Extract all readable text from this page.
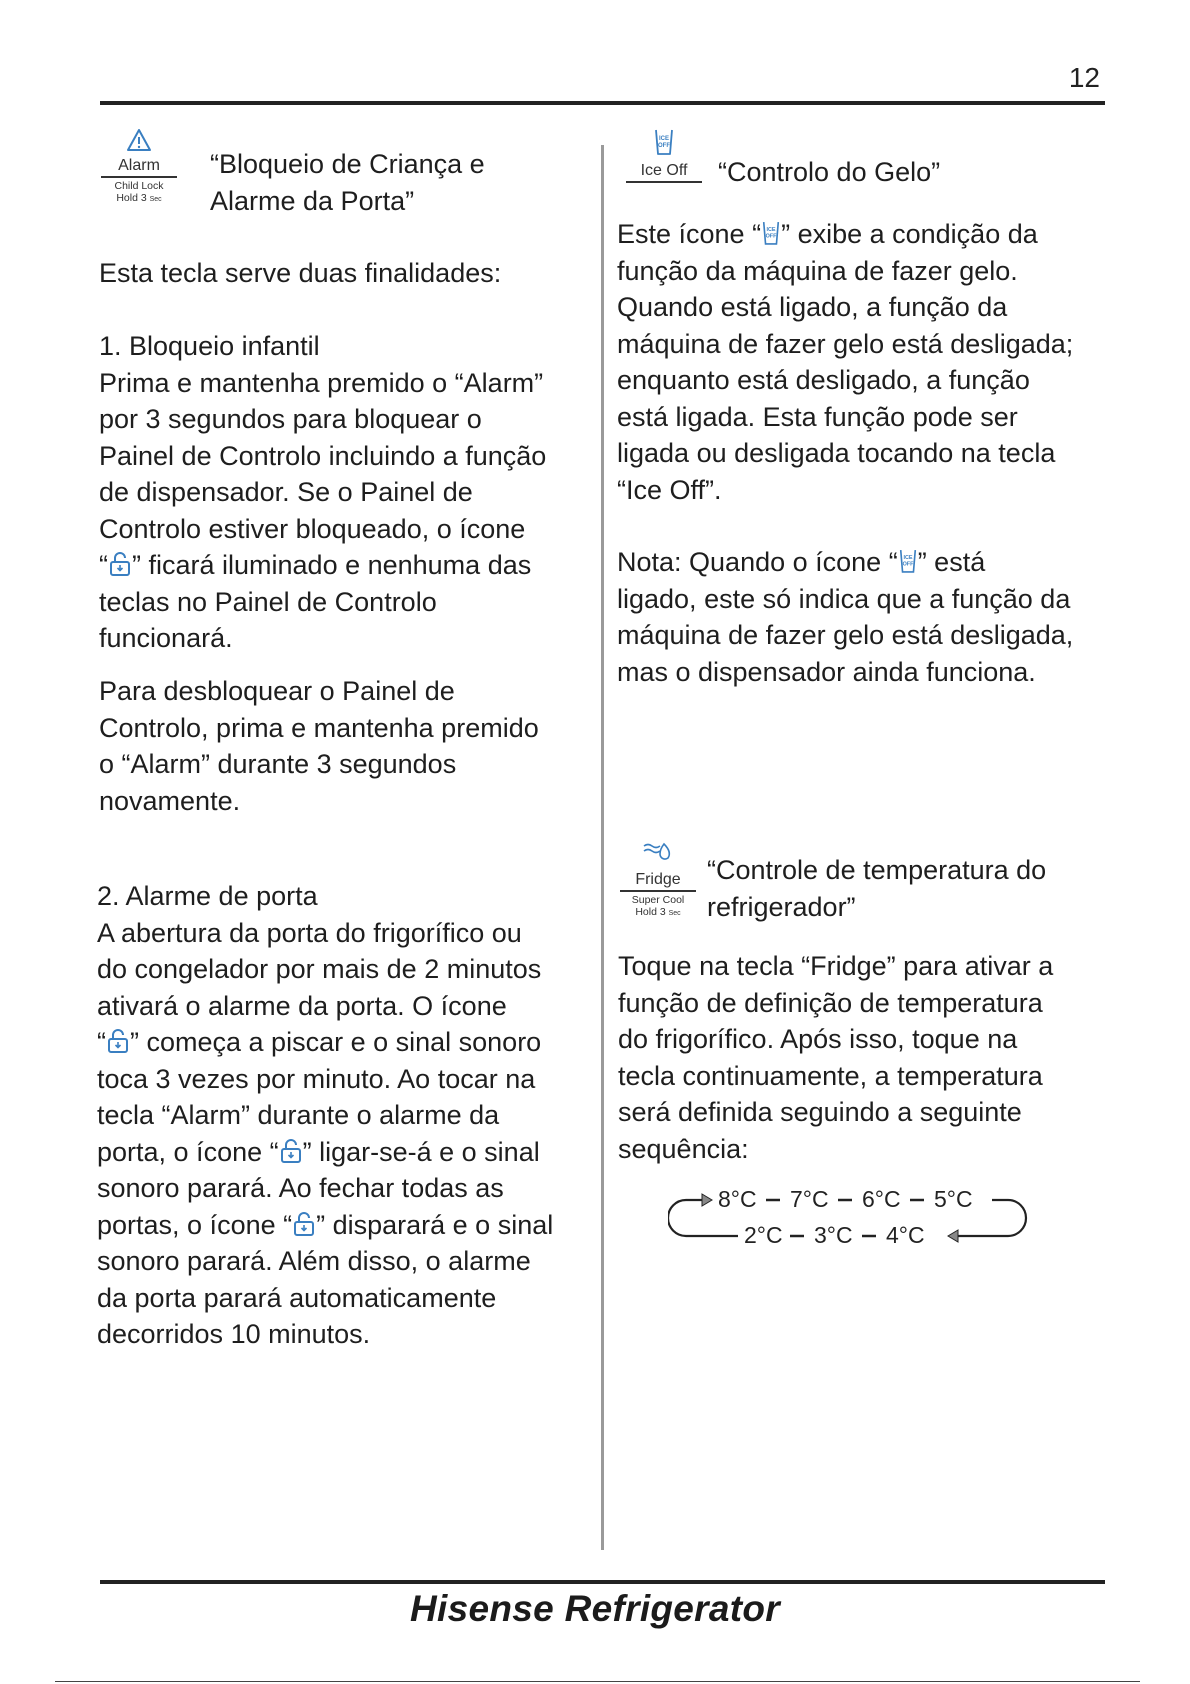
12
Hisense Refrigerator
Alarm
Child Lock
Hold 3 Sec
“Bloqueio de Criança e
Alarme da Porta”
Esta tecla serve duas finalidades:
1. Bloqueio infantil
Prima e mantenha premido o “Alarm”
por 3 segundos para bloquear o
Painel de Controlo incluindo a função
de dispensador. Se o Painel de
Controlo estiver bloqueado, o ícone
“ ” ficará iluminado e nenhuma das
teclas no Painel de Controlo
funcionará.
Para desbloquear o Painel de
Controlo, prima e mantenha premido
o “Alarm” durante 3 segundos
novamente.
2. Alarme de porta
A abertura da porta do frigorífico ou
do congelador por mais de 2 minutos
ativará o alarme da porta. O ícone
“ ” começa a piscar e o sinal sonoro
toca 3 vezes por minuto. Ao tocar na
tecla “Alarm” durante o alarme da
porta, o ícone “ ” ligar-se-á e o sinal
sonoro parará. Ao fechar todas as
portas, o ícone “ ” disparará e o sinal
sonoro parará. Além disso, o alarme
da porta parará automaticamente
decorridos 10 minutos.
ICE
OFF
Ice Off	“Controlo do Gelo”
Este ícone “ ICE
OFF ” exibe a condição da
função da máquina de fazer gelo.
Quando está ligado, a função da
máquina de fazer gelo está desligada;
enquanto está desligado, a função
está ligada. Esta função pode ser
ligada ou desligada tocando na tecla
“Ice Off”.
Nota: Quando o ícone “ ICE
OFF ” está
ligado, este só indica que a função da
máquina de fazer gelo está desligada,
mas o dispensador ainda funciona.
Fridge
Super Cool
Hold 3 Sec
“Controle de temperatura do
refrigerador”
Toque na tecla “Fridge” para ativar a
função de definição de temperatura
do frigorífico. Após isso, toque na
tecla continuamente, a temperatura
será definida seguindo a seguinte
sequência:
8°C 7°C 6°C 5°C
2°C 3°C 4°C
